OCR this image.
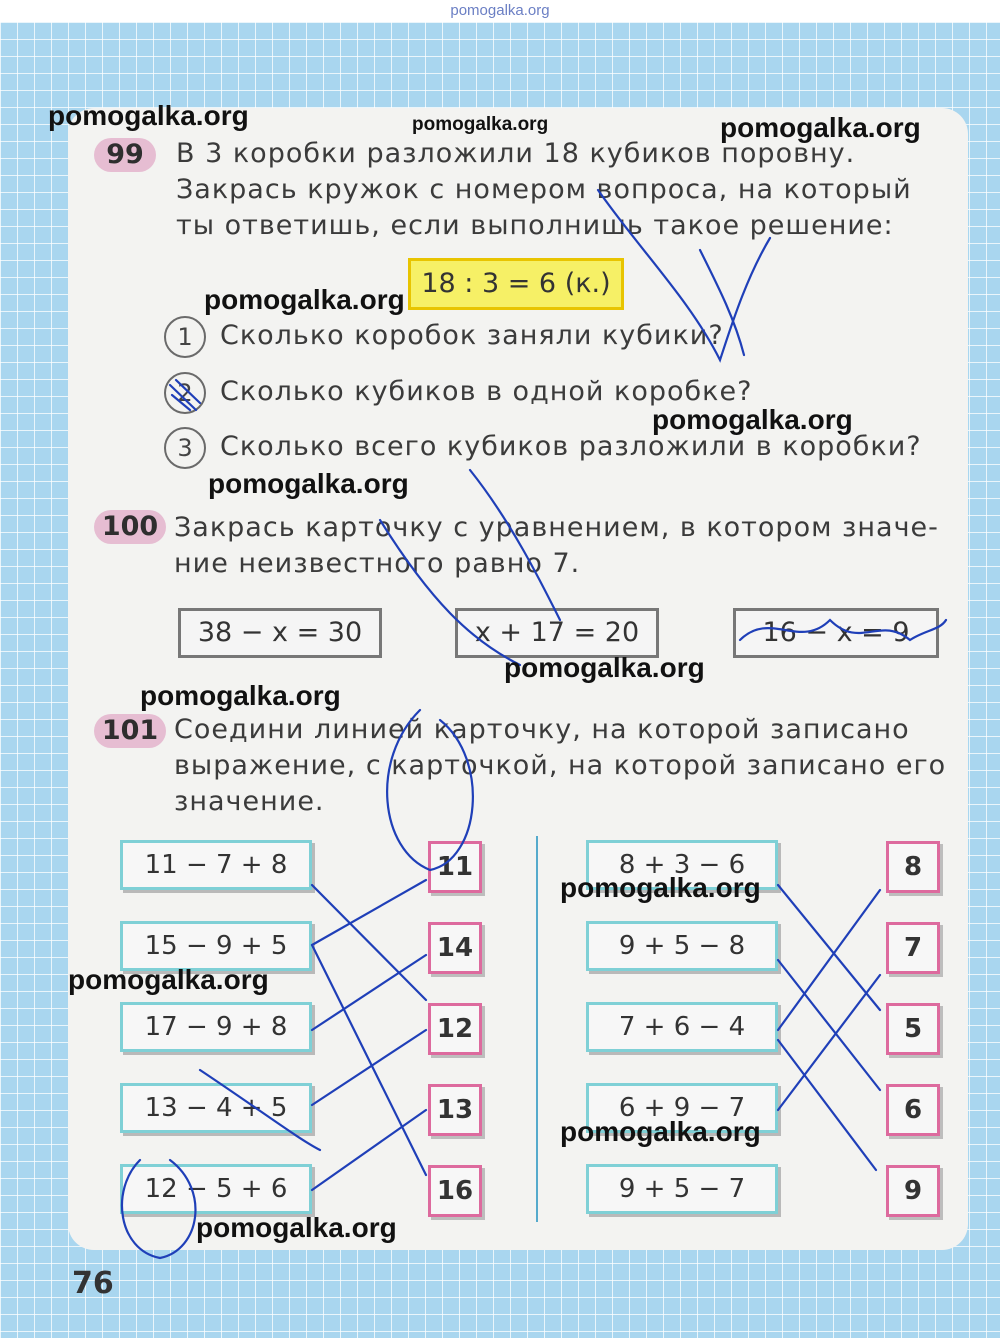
pomogalka.org
99	В 3 коробки разложили 18 кубиков поровну.
Закрась кружок с номером вопроса, на который
ты ответишь, если выполнишь такое решение:
18 : 3 = 6 (к.)
1	Сколько коробок заняли кубики?
2	Сколько кубиков в одной коробке?
3	Сколько всего кубиков разложили в коробки?
100 Закрась карточку с уравнением, в котором значе-
ние неизвестного равно 7.
38 − x = 30	x + 17 = 20	16 − x = 9
101 Соедини линией карточку, на которой записано
выражение, с карточкой, на которой записано его
значение.
11 − 7 + 8
15 − 9 + 5
17 − 9 + 8
13 − 4 + 5
12 − 5 + 6
11
14
12
13
16
8 + 3 − 6
9 + 5 − 8
7 + 6 − 4
6 + 9 − 7
9 + 5 − 7
8
7
5
6
9
76
pomogalka.org	pomogalka.org	pomogalka.org
pomogalka.org
pomogalka.org
pomogalka.org
pomogalka.org
pomogalka.org
pomogalka.org
pomogalka.org
pomogalka.org
pomogalka.org
